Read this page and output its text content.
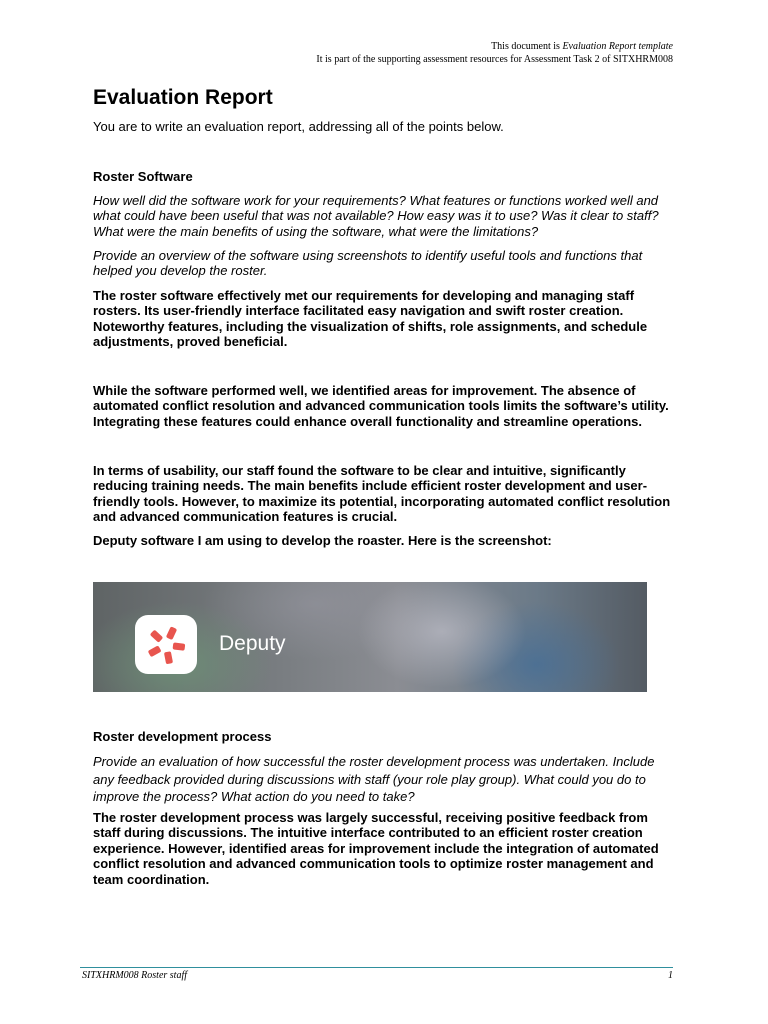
This document is Evaluation Report template
It is part of the supporting assessment resources for Assessment Task 2 of SITXHRM008
Evaluation Report

You are to write an evaluation report, addressing all of the points below.

Roster Software

How well did the software work for your requirements? What features or functions worked well and what could have been useful that was not available? How easy was it to use? Was it clear to staff? What were the main benefits of using the software, what were the limitations?

Provide an overview of the software using screenshots to identify useful tools and functions that helped you develop the roster.

The roster software effectively met our requirements for developing and managing staff rosters. Its user-friendly interface facilitated easy navigation and swift roster creation. Noteworthy features, including the visualization of shifts, role assignments, and schedule adjustments, proved beneficial.

While the software performed well, we identified areas for improvement. The absence of automated conflict resolution and advanced communication tools limits the software’s utility. Integrating these features could enhance overall functionality and streamline operations.

In terms of usability, our staff found the software to be clear and intuitive, significantly reducing training needs. The main benefits include efficient roster development and user-friendly tools. However, to maximize its potential, incorporating automated conflict resolution and advanced communication features is crucial.

Deputy software I am using to develop the roaster. Here is the screenshot:

Deputy

Roster development process

Provide an evaluation of how successful the roster development process was undertaken. Include any feedback provided during discussions with staff (your role play group). What could you do to improve the process? What action do you need to take?

The roster development process was largely successful, receiving positive feedback from staff during discussions. The intuitive interface contributed to an efficient roster creation experience. However, identified areas for improvement include the integration of automated conflict resolution and advanced communication tools to optimize roster management and team coordination.

SITXHRM008 Roster staff	1
